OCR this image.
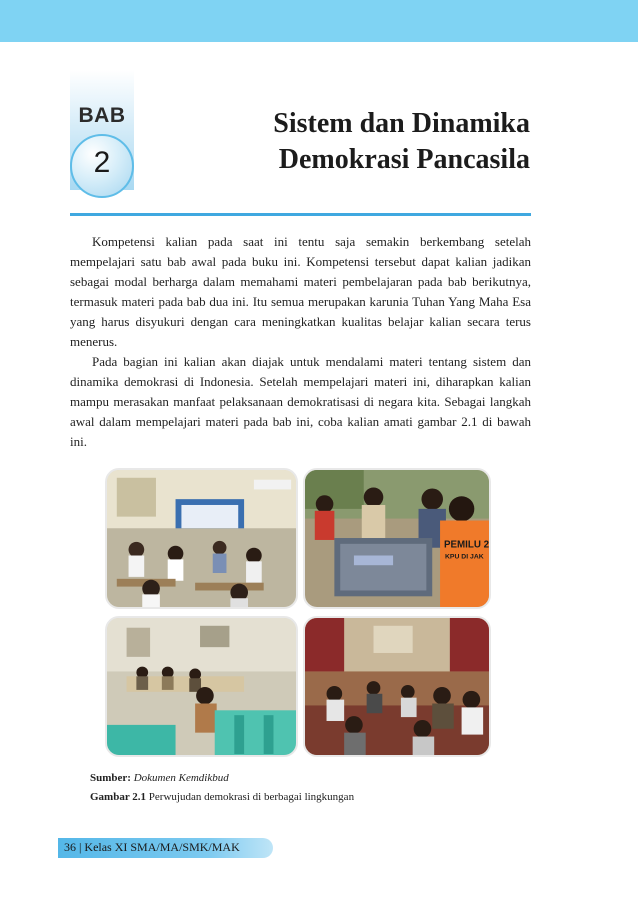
BAB
2
Sistem dan Dinamika
Demokrasi Pancasila

Kompetensi kalian pada saat ini tentu saja semakin berkembang setelah mempelajari satu bab awal pada buku ini. Kompetensi tersebut dapat kalian jadikan sebagai modal berharga dalam memahami materi pembelajaran pada bab berikutnya, termasuk materi pada bab dua ini. Itu semua merupakan karunia Tuhan Yang Maha Esa yang harus disyukuri dengan cara meningkatkan kualitas belajar kalian secara terus menerus.

Pada bagian ini kalian akan diajak untuk mendalami materi tentang sistem dan dinamika demokrasi di Indonesia. Setelah mempelajari materi ini, diharapkan kalian mampu merasakan manfaat pelaksanaan demokratisasi di negara kita. Sebagai langkah awal dalam mempelajari materi pada bab ini, coba kalian amati gambar 2.1 di bawah ini.

PEMILU 2
KPU DI JAK
Sumber: Dokumen Kemdikbud
Gambar 2.1 Perwujudan demokrasi di berbagai lingkungan
36 | Kelas XI SMA/MA/SMK/MAK
